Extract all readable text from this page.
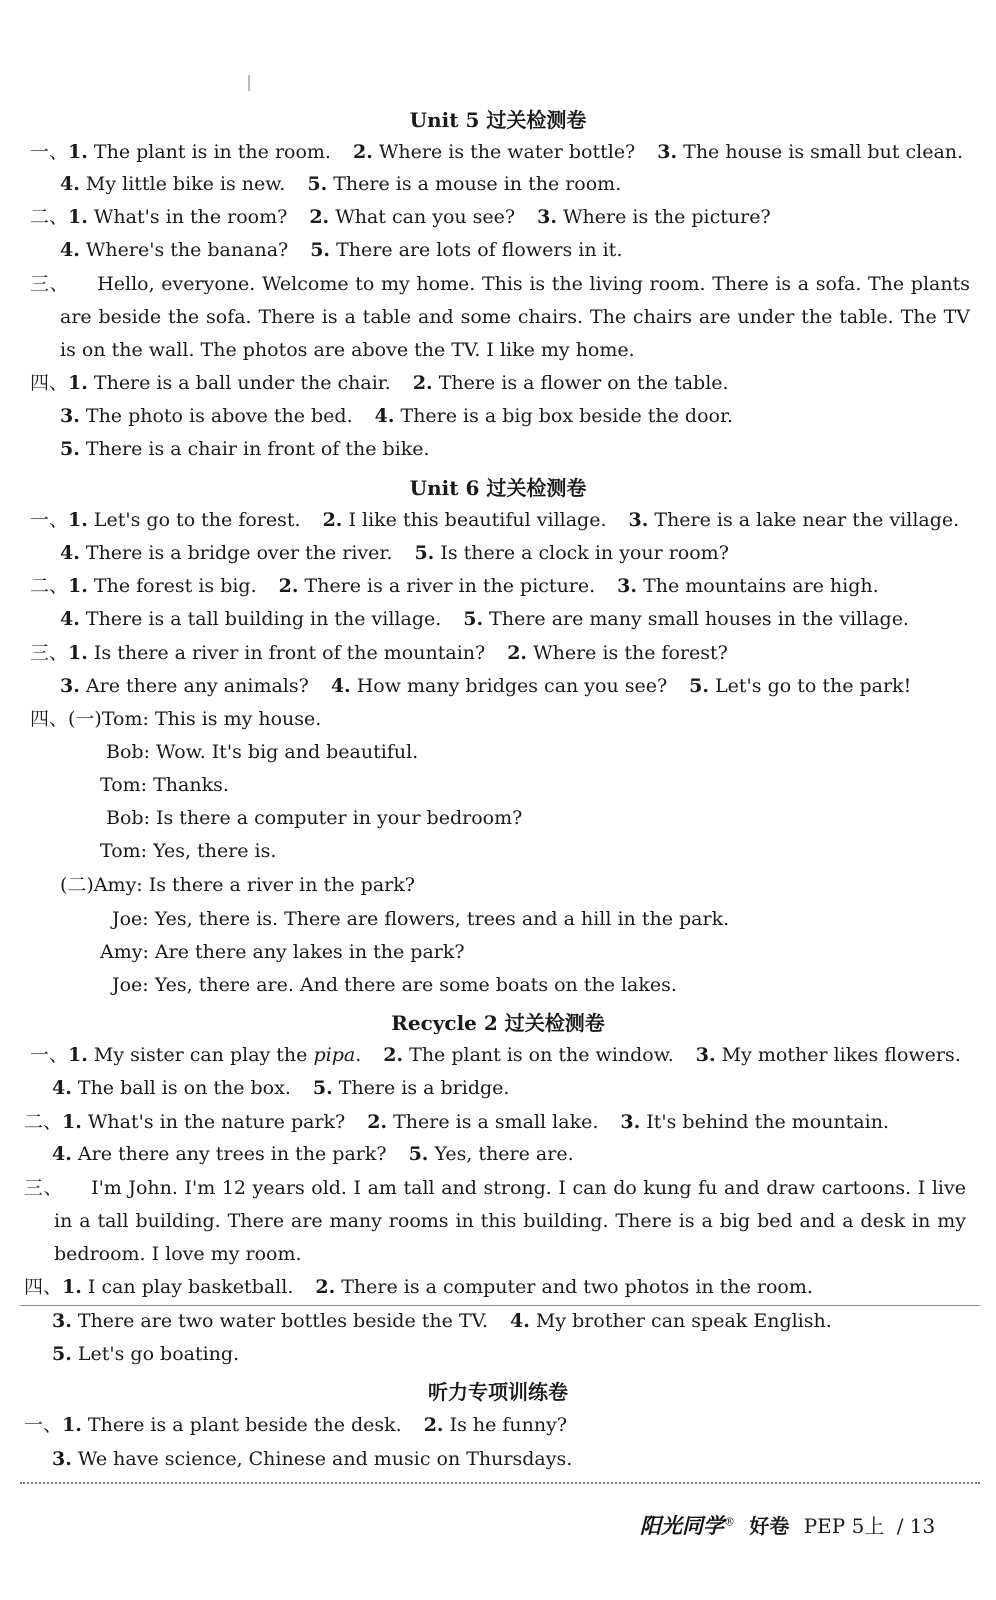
Unit 5 过关检测卷
一、1. The plant is in the room. 2. Where is the water bottle? 3. The house is small but clean.
4. My little bike is new. 5. There is a mouse in the room.
二、1. What's in the room? 2. What can you see? 3. Where is the picture?
4. Where's the banana? 5. There are lots of flowers in it.
三、 Hello, everyone. Welcome to my home. This is the living room. There is a sofa. The plants are beside the sofa. There is a table and some chairs. The chairs are under the table. The TV is on the wall. The photos are above the TV. I like my home.
四、1. There is a ball under the chair. 2. There is a flower on the table.
3. The photo is above the bed. 4. There is a big box beside the door.
5. There is a chair in front of the bike.
Unit 6 过关检测卷
一、1. Let's go to the forest. 2. I like this beautiful village. 3. There is a lake near the village.
4. There is a bridge over the river. 5. Is there a clock in your room?
二、1. The forest is big. 2. There is a river in the picture. 3. The mountains are high.
4. There is a tall building in the village. 5. There are many small houses in the village.
三、1. Is there a river in front of the mountain? 2. Where is the forest?
3. Are there any animals? 4. How many bridges can you see? 5. Let's go to the park!
四、(一)Tom: This is my house.
Bob: Wow. It's big and beautiful.
Tom: Thanks.
Bob: Is there a computer in your bedroom?
Tom: Yes, there is.
(二)Amy: Is there a river in the park?
Joe: Yes, there is. There are flowers, trees and a hill in the park.
Amy: Are there any lakes in the park?
Joe: Yes, there are. And there are some boats on the lakes.
Recycle 2 过关检测卷
一、1. My sister can play the pipa. 2. The plant is on the window. 3. My mother likes flowers.
4. The ball is on the box. 5. There is a bridge.
二、1. What's in the nature park? 2. There is a small lake. 3. It's behind the mountain.
4. Are there any trees in the park? 5. Yes, there are.
三、 I'm John. I'm 12 years old. I am tall and strong. I can do kung fu and draw cartoons. I live in a tall building. There are many rooms in this building. There is a big bed and a desk in my bedroom. I love my room.
四、1. I can play basketball. 2. There is a computer and two photos in the room.
3. There are two water bottles beside the TV. 4. My brother can speak English.
5. Let's go boating.
听力专项训练卷
一、1. There is a plant beside the desk. 2. Is he funny?
3. We have science, Chinese and music on Thursdays.
阳光同学® 好卷 PEP 5上 / 13
